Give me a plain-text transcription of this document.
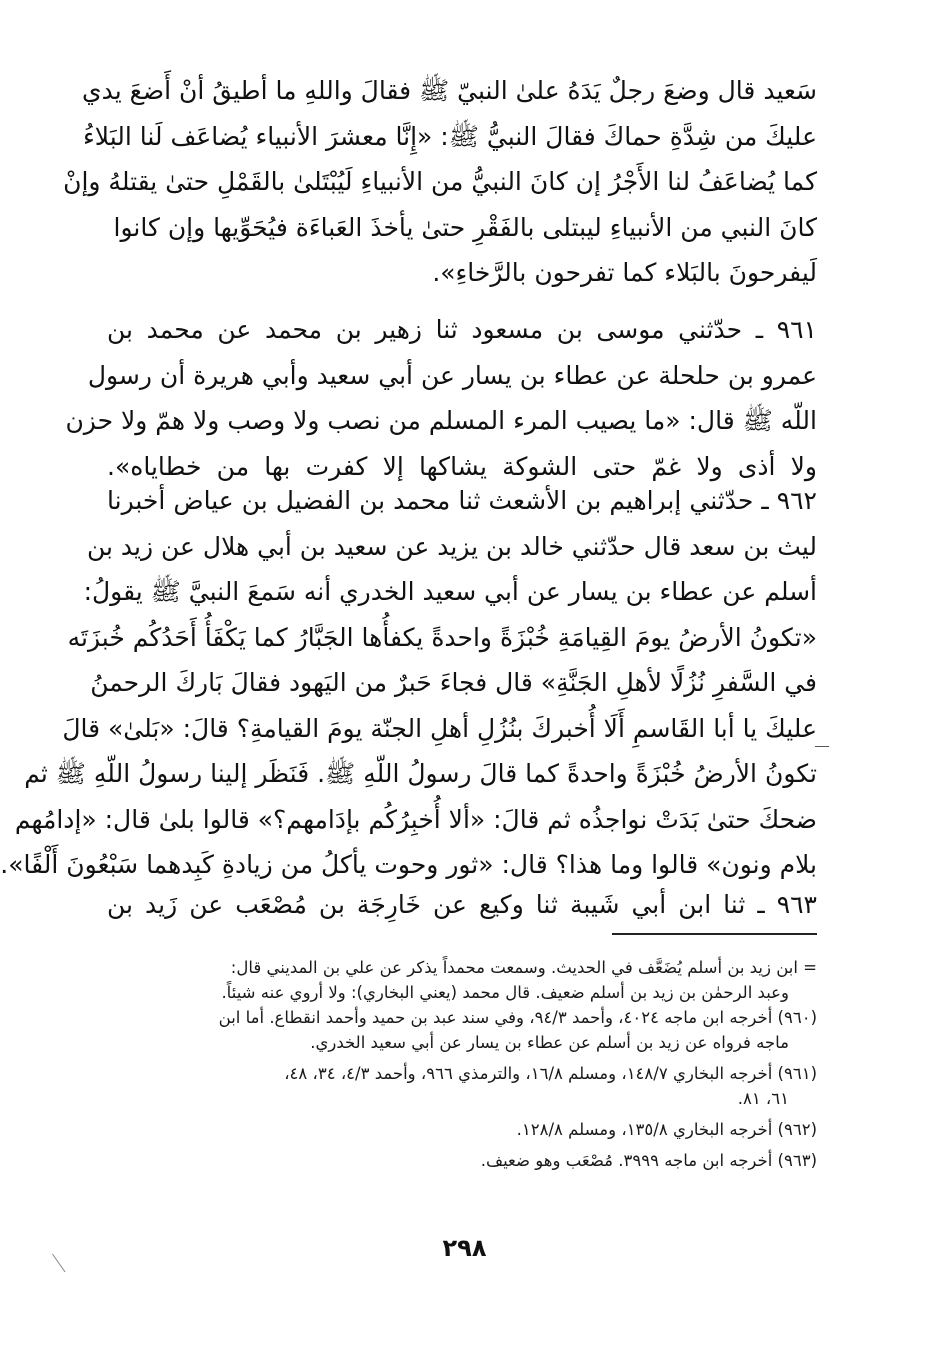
سَعيد قال وضعَ رجلٌ يَدَهُ علىٰ النبيّ ﷺ فقالَ واللهِ ما أطيقُ أنْ أَضعَ يدي
عليكَ من شِدَّةِ حماكَ فقالَ النبيُّ ﷺ: «إِنَّا معشرَ الأنبياء يُضاعَف لَنا البَلاءُ
كما يُضاعَفُ لنا الأَجْرُ إن كانَ النبيُّ من الأنبياءِ لَيُبْتَلىٰ بالقَمْلِ حتىٰ يقتلهُ وإنْ
كانَ النبي من الأنبياءِ ليبتلى بالفَقْرِ حتىٰ يأخذَ العَباءَة فيُحَوِّيها وإن كانوا
لَيفرحونَ بالبَلاء كما تفرحون بالرَّخاءِ».
٩٦١ ـ حدّثني موسى بن مسعود ثنا زهير بن محمد عن محمد بن
عمرو بن حلحلة عن عطاء بن يسار عن أبي سعيد وأبي هريرة أن رسول
اللّه ﷺ قال: «ما يصيب المرء المسلم من نصب ولا وصب ولا همّ ولا حزن
ولا أذى ولا غمّ حتى الشوكة يشاكها إلا كفرت بها من خطاياه».
٩٦٢ ـ حدّثني إبراهيم بن الأشعث ثنا محمد بن الفضيل بن عياض أخبرنا
ليث بن سعد قال حدّثني خالد بن يزيد عن سعيد بن أبي هلال عن زيد بن
أسلم عن عطاء بن يسار عن أبي سعيد الخدري أنه سَمعَ النبيَّ ﷺ يقولُ:
«تكونُ الأرضُ يومَ القِيامَةِ خُبْزَةً واحدةً يكفأُها الجَبَّارُ كما يَكْفَأُ أَحَدُكُم خُبزَتَه
في السَّفرِ نُزُلًا لأهلِ الجَنَّةِ» قال فجاءَ حَبرٌ من اليَهود فقالَ بَاركَ الرحمنُ
عليكَ يا أبا القَاسمِ أَلَا أُخبركَ بنُزُلِ أهلِ الجنّة يومَ القيامةِ؟ قالَ: «بَلىٰ» قالَ
تكونُ الأرضُ خُبْزَةً واحدةً كما قالَ رسولُ اللّهِ ﷺ. فَنَظَر إلينا رسولُ اللّهِ ﷺ ثم
ضحكَ حتىٰ بَدَتْ نواجذُه ثم قالَ: «ألا أُخبِرُكُم بإدَامهم؟» قالوا بلىٰ قال: «إدامُهم
بلام ونون» قالوا وما هذا؟ قال: «ثور وحوت يأكلُ من زيادةِ كَبِدهما سَبْعُونَ أَلْفًا».
٩٦٣ ـ ثنا ابن أبي شَيبة ثنا وكيع عن خَارِجَة بن مُصْعَب عن زَيد بن
= ابن زيد بن أسلم يُضَعَّف في الحديث. وسمعت محمداً يذكر عن علي بن المديني قال:
وعبد الرحمٰن بن زيد بن أسلم ضعيف. قال محمد (يعني البخاري): ولا أروي عنه شيئاً.
(٩٦٠) أخرجه ابن ماجه ٤٠٢٤، وأحمد ٩٤/٣، وفي سند عبد بن حميد وأحمد انقطاع. أما ابن
ماجه فرواه عن زيد بن أسلم عن عطاء بن يسار عن أبي سعيد الخدري.
(٩٦١) أخرجه البخاري ١٤٨/٧، ومسلم ١٦/٨، والترمذي ٩٦٦، وأحمد ٤/٣، ٣٤، ٤٨،
٦١، ٨١.
(٩٦٢) أخرجه البخاري ١٣٥/٨، ومسلم ١٢٨/٨.
(٩٦٣) أخرجه ابن ماجه ٣٩٩٩. مُصْعَب وهو ضعيف.
٢٩٨
